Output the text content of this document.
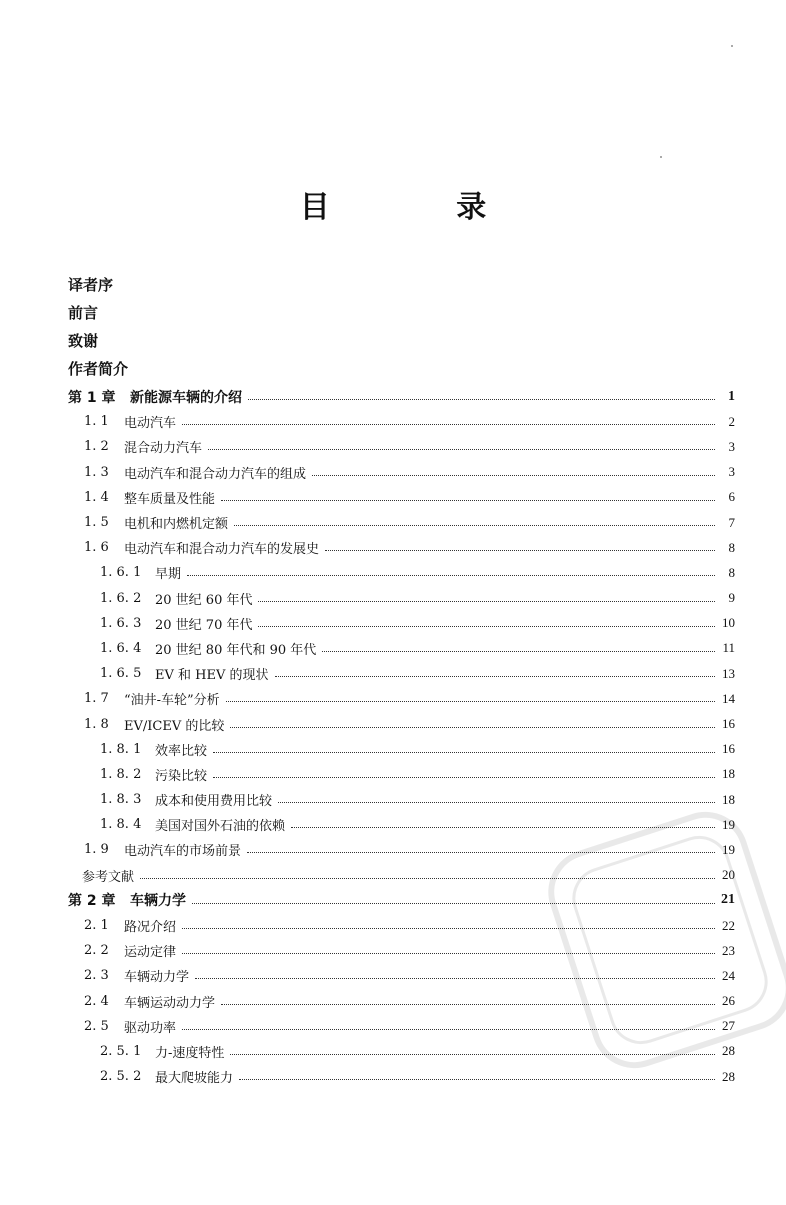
目 录
译者序
前言
致谢
作者简介
第 1 章	新能源车辆的介绍	1
1. 1	电动汽车	2
1. 2	混合动力汽车	3
1. 3	电动汽车和混合动力汽车的组成	3
1. 4	整车质量及性能	6
1. 5	电机和内燃机定额	7
1. 6	电动汽车和混合动力汽车的发展史	8
1. 6. 1	早期	8
1. 6. 2	20 世纪 60 年代	9
1. 6. 3	20 世纪 70 年代	10
1. 6. 4	20 世纪 80 年代和 90 年代	11
1. 6. 5	EV 和 HEV 的现状	13
1. 7	“油井-车轮”分析	14
1. 8	EV/ICEV 的比较	16
1. 8. 1	效率比较	16
1. 8. 2	污染比较	18
1. 8. 3	成本和使用费用比较	18
1. 8. 4	美国对国外石油的依赖	19
1. 9	电动汽车的市场前景	19
参考文献	20
第 2 章	车辆力学	21
2. 1	路况介绍	22
2. 2	运动定律	23
2. 3	车辆动力学	24
2. 4	车辆运动动力学	26
2. 5	驱动功率	27
2. 5. 1	力-速度特性	28
2. 5. 2	最大爬坡能力	28
